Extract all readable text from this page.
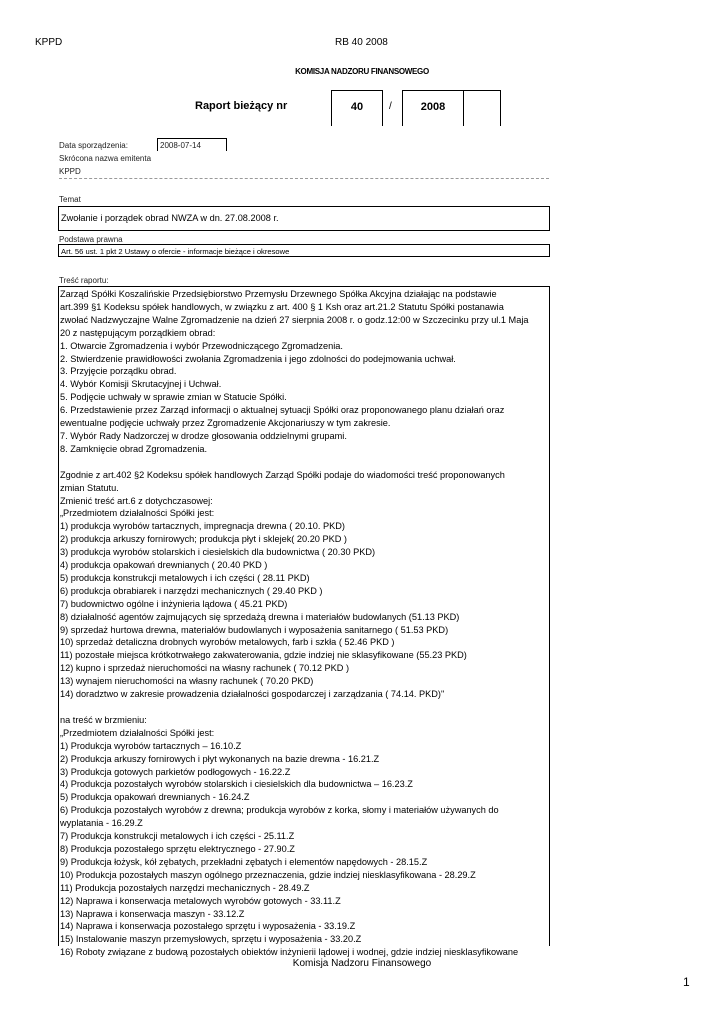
KPPD	RB 40 2008
KOMISJA NADZORU FINANSOWEGO
Raport bieżący nr	40	/	2008
Data sporządzenia:	2008-07-14
Skrócona nazwa emitenta
KPPD
Temat
Zwołanie i porządek obrad NWZA w dn. 27.08.2008 r.
Podstawa prawna
Art. 56 ust. 1 pkt 2 Ustawy o ofercie - informacje bieżące i okresowe
Treść raportu:
Zarząd Spółki Koszalińskie Przedsiębiorstwo Przemysłu Drzewnego Spółka Akcyjna działając na podstawie
art.399 §1 Kodeksu spółek handlowych, w związku z art. 400 § 1 Ksh oraz art.21.2 Statutu Spółki postanawia
zwołać Nadzwyczajne Walne Zgromadzenie na dzień 27 sierpnia 2008 r. o godz.12:00 w Szczecinku przy ul.1 Maja
20 z następującym porządkiem obrad:
1. Otwarcie Zgromadzenia i wybór Przewodniczącego Zgromadzenia.
2. Stwierdzenie prawidłowości zwołania Zgromadzenia i jego zdolności do podejmowania uchwał.
3. Przyjęcie porządku obrad.
4. Wybór Komisji Skrutacyjnej i Uchwał.
5. Podjęcie uchwały w sprawie zmian w Statucie Spółki.
6. Przedstawienie przez Zarząd informacji o aktualnej sytuacji Spółki oraz proponowanego planu działań oraz
ewentualne podjęcie uchwały przez Zgromadzenie Akcjonariuszy w tym zakresie.
7. Wybór Rady Nadzorczej w drodze głosowania oddzielnymi grupami.
8. Zamknięcie obrad Zgromadzenia.

Zgodnie z art.402 §2 Kodeksu spółek handlowych Zarząd Spółki podaje do wiadomości treść proponowanych
zmian Statutu.
Zmienić treść art.6 z dotychczasowej:
„Przedmiotem działalności Spółki jest:
1) produkcja wyrobów tartacznych, impregnacja drewna ( 20.10. PKD)
2) produkcja arkuszy fornirowych; produkcja płyt i sklejek( 20.20 PKD )
3) produkcja wyrobów stolarskich i ciesielskich dla budownictwa ( 20.30 PKD)
4) produkcja opakowań drewnianych ( 20.40 PKD )
5) produkcja konstrukcji metalowych i ich części ( 28.11 PKD)
6) produkcja obrabiarek i narzędzi mechanicznych ( 29.40 PKD )
7) budownictwo ogólne i inżynieria lądowa ( 45.21 PKD)
8) działalność agentów zajmujących się sprzedażą drewna i materiałów budowlanych (51.13 PKD)
9) sprzedaż hurtowa drewna, materiałów budowlanych i wyposażenia sanitarnego ( 51.53 PKD)
10) sprzedaż detaliczna drobnych wyrobów metalowych, farb i szkła ( 52.46 PKD )
11) pozostałe miejsca krótkotrwałego zakwaterowania, gdzie indziej nie sklasyfikowane (55.23 PKD)
12) kupno i sprzedaż nieruchomości na własny rachunek ( 70.12 PKD )
13) wynajem nieruchomości na własny rachunek ( 70.20 PKD)
14) doradztwo w zakresie prowadzenia działalności gospodarczej i zarządzania ( 74.14. PKD)"

na treść w brzmieniu:
„Przedmiotem działalności Spółki jest:
1) Produkcja wyrobów tartacznych – 16.10.Z
2) Produkcja arkuszy fornirowych i płyt wykonanych na bazie drewna - 16.21.Z
3) Produkcja gotowych parkietów podłogowych - 16.22.Z
4) Produkcja pozostałych wyrobów stolarskich i ciesielskich dla budownictwa – 16.23.Z
5) Produkcja opakowań drewnianych - 16.24.Z
6) Produkcja pozostałych wyrobów z drewna; produkcja wyrobów z korka, słomy i materiałów używanych do
wyplatania - 16.29.Z
7) Produkcja konstrukcji metalowych i ich części - 25.11.Z
8) Produkcja pozostałego sprzętu elektrycznego - 27.90.Z
9) Produkcja łożysk, kół zębatych, przekładni zębatych i elementów napędowych - 28.15.Z
10) Produkcja pozostałych maszyn ogólnego przeznaczenia, gdzie indziej niesklasyfikowana - 28.29.Z
11) Produkcja pozostałych narzędzi mechanicznych - 28.49.Z
12) Naprawa i konserwacja metalowych wyrobów gotowych - 33.11.Z
13) Naprawa i konserwacja maszyn - 33.12.Z
14) Naprawa i konserwacja pozostałego sprzętu i wyposażenia - 33.19.Z
15) Instalowanie maszyn przemysłowych, sprzętu i wyposażenia - 33.20.Z
16) Roboty związane z budową pozostałych obiektów inżynierii lądowej i wodnej, gdzie indziej niesklasyfikowane
Komisja Nadzoru Finansowego
1
